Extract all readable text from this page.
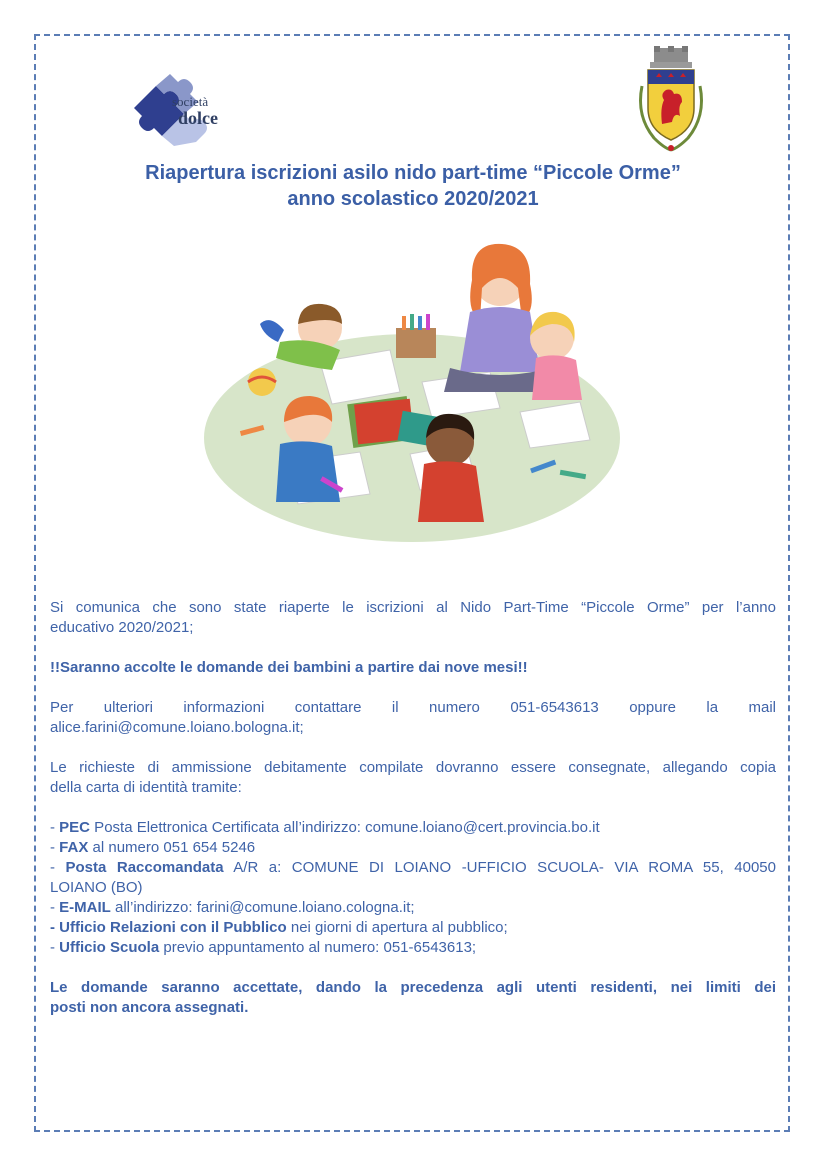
società
dolce
Riapertura iscrizioni asilo nido part-time “Piccole Orme”
anno scolastico 2020/2021

Si comunica che sono state riaperte le iscrizioni al Nido Part-Time “Piccole Orme” per l’anno
educativo 2020/2021;

!!Saranno accolte le domande dei bambini a partire dai nove mesi!!

Per ulteriori informazioni contattare il numero 051-6543613 oppure la mail
alice.farini@comune.loiano.bologna.it;

Le richieste di ammissione debitamente compilate dovranno essere consegnate, allegando copia
della carta di identità tramite:

- PEC Posta Elettronica Certificata all’indirizzo: comune.loiano@cert.provincia.bo.it
- FAX al numero 051 654 5246
- Posta Raccomandata A/R a: COMUNE DI LOIANO -UFFICIO SCUOLA- VIA ROMA 55, 40050
LOIANO (BO)
- E-MAIL all’indirizzo: farini@comune.loiano.cologna.it;
- Ufficio Relazioni con il Pubblico nei giorni di apertura al pubblico;
- Ufficio Scuola previo appuntamento al numero: 051-6543613;

Le domande saranno accettate, dando la precedenza agli utenti residenti, nei limiti dei
posti non ancora assegnati.
